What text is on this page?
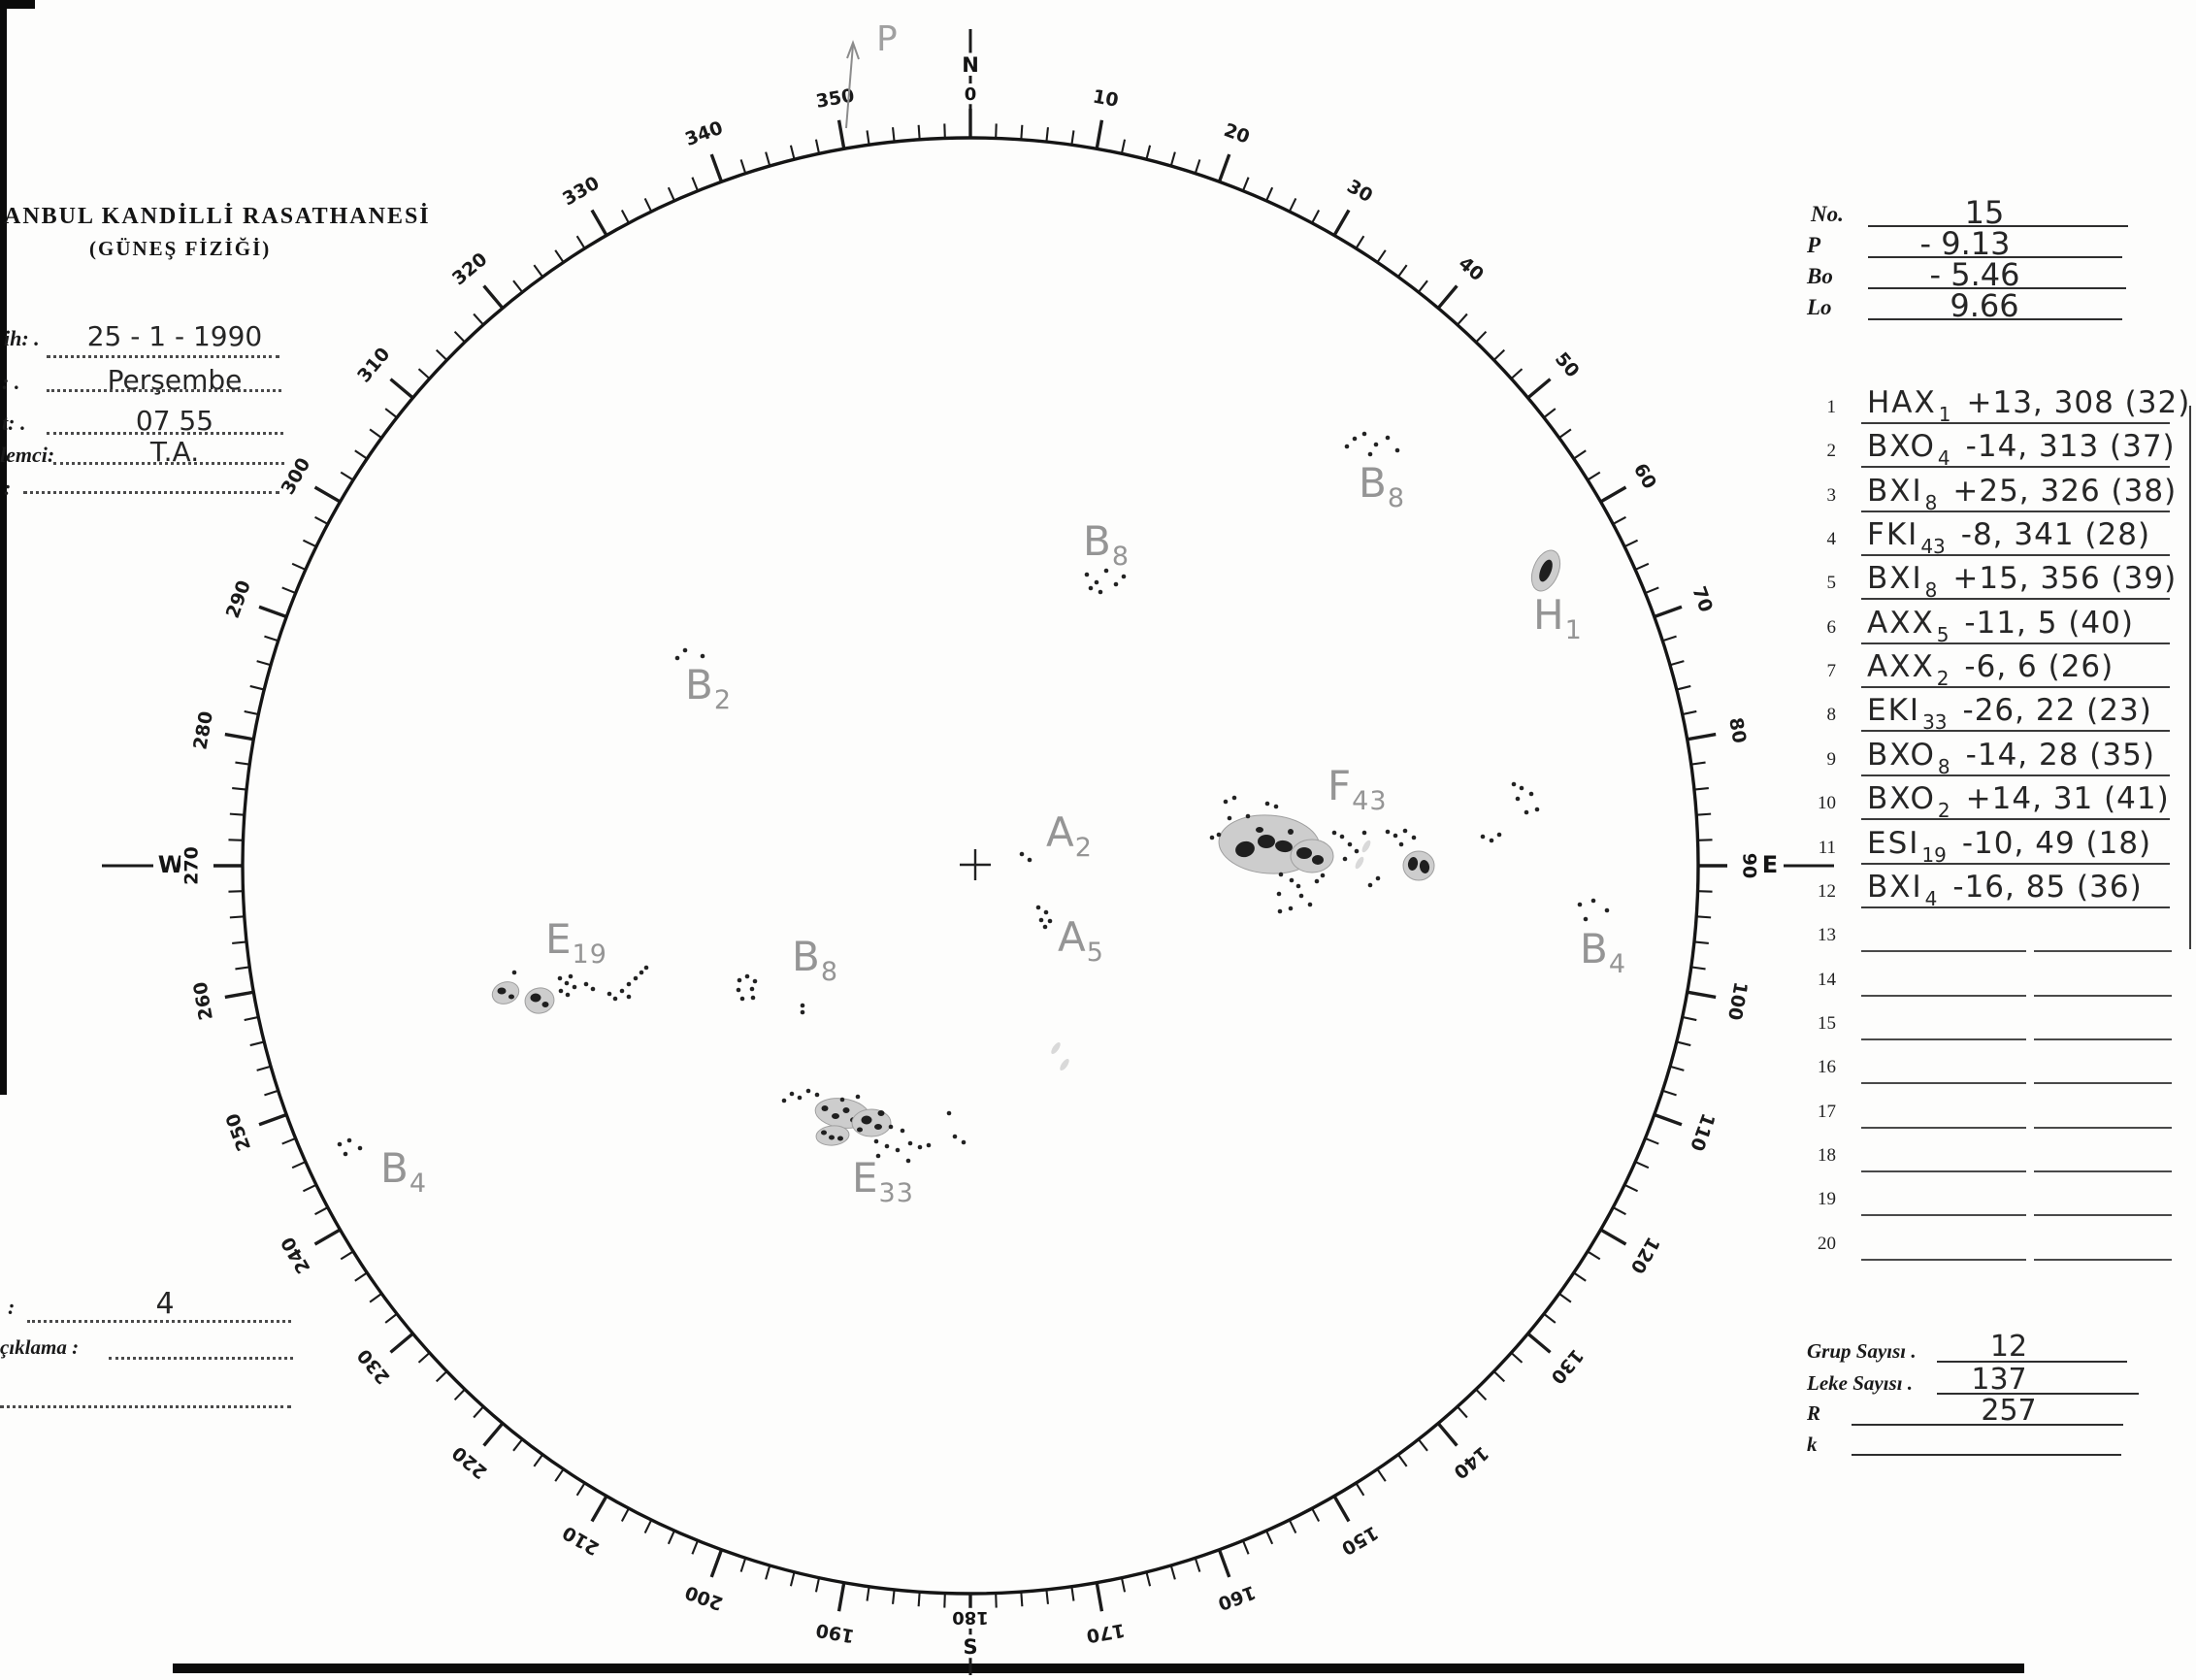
ANBUL KANDİLLİ RASATHANESİ
(GÜNEŞ FİZİĞİ)
ih: .	25 - 1 - 1990
: .	Perşembe
t: .	07 55
lemci:	T.A.
:
:	4
çıklama :
No.	15
P	- 9.13
Bo	- 5.46
Lo	9.66
1 HAX 1 +13, 308 (32)
2 BXO 4 -14, 313 (37)
3 BXI 8 +25, 326 (38)
4 FKI 43 -8, 341 (28)
5 BXI 8 +15, 356 (39)
6 AXX 5 -11, 5 (40)
7 AXX 2 -6, 6 (26)
8 EKI 33 -26, 22 (23)
9 BXO 8 -14, 28 (35)
10 BXO 2 +14, 31 (41)
11 ESI 19 -10, 49 (18)
12 BXI 4 -16, 85 (36)
13
14
15
16
17
18
19
20
Grup Sayısı .	12
Leke Sayısı .	137
R	257
k
10
20
30
40
50
60
70
80
100
110
120
130
140
150
160
170
190
200
210
220
230
240
250
260
280
290
300
310
320
330
340
350
N
0
180
S
W
270	90 E
P
$B_8$
$B_8$
$B_2$
$H_1$
$A_2$
$F_{43}$
$A_5$	$B_4$
$E_{19}$	$B_8$
$E_{33}$
$B_4$
